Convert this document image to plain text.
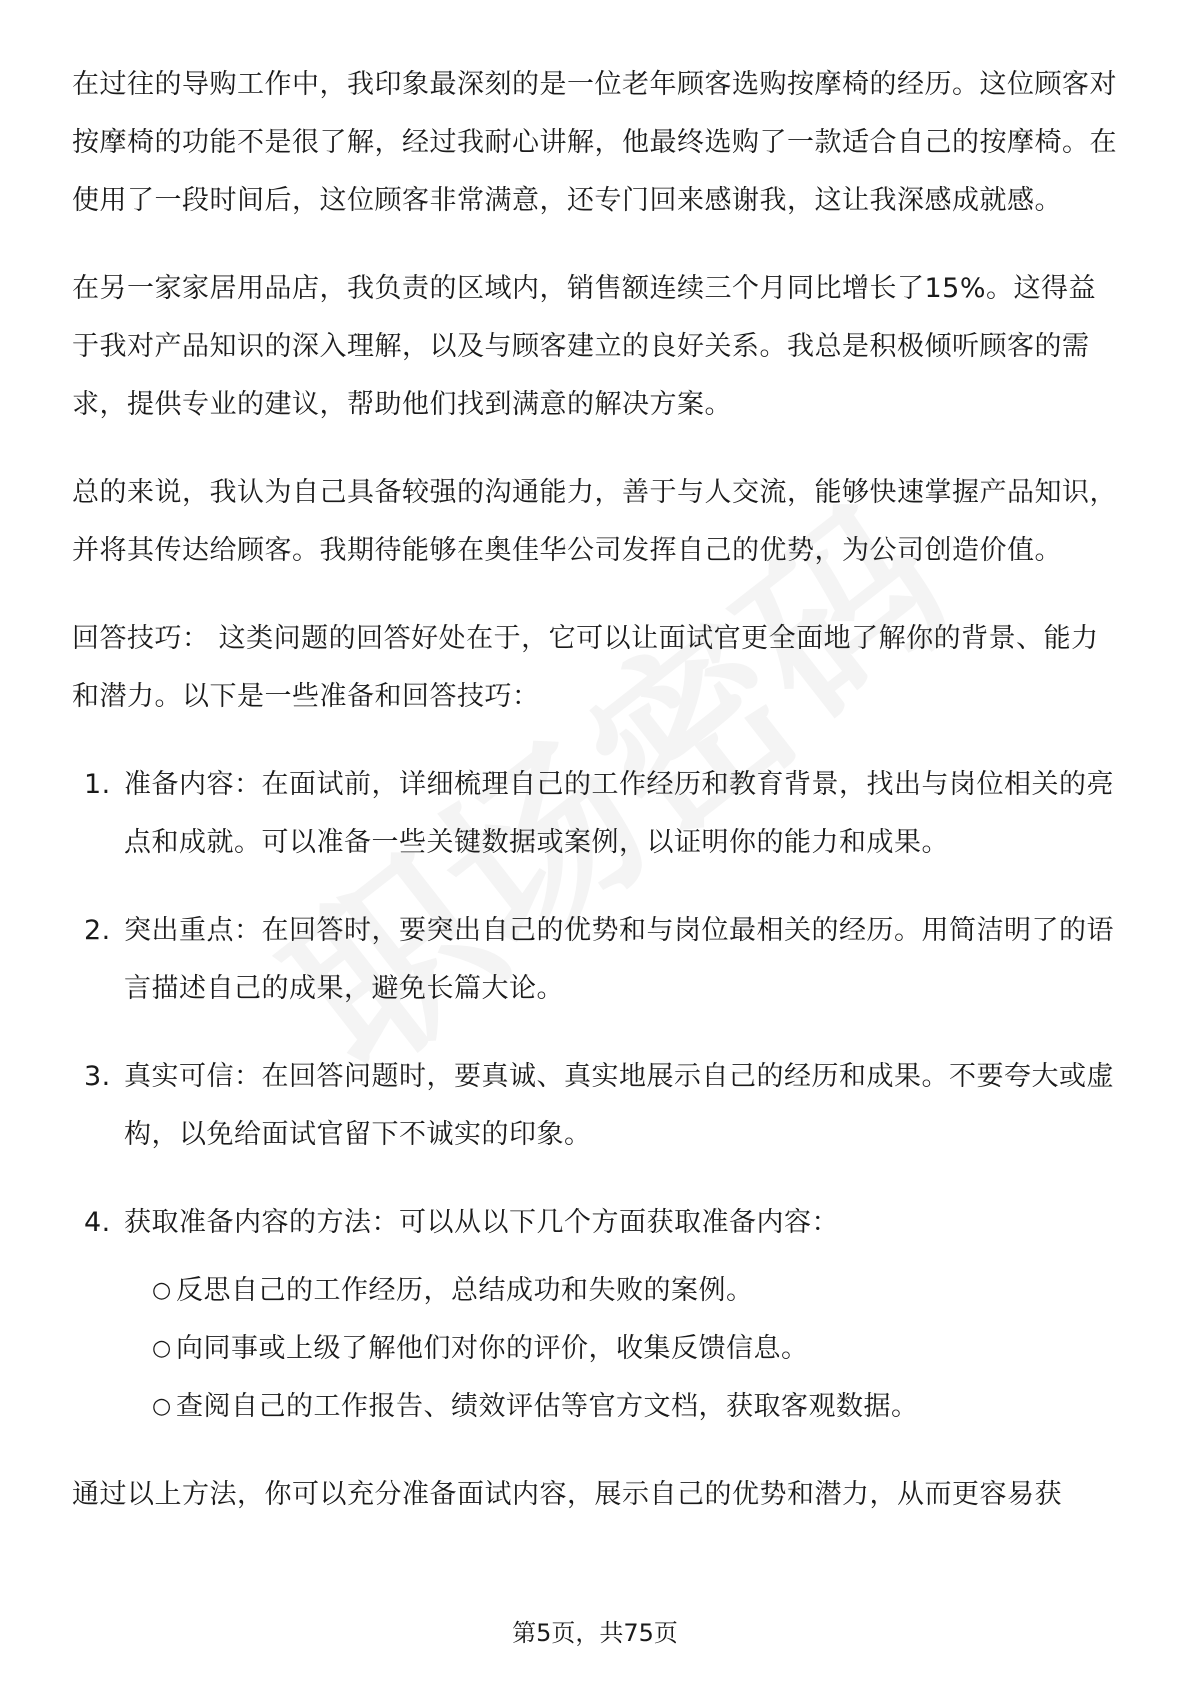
在过往的导购工作中，我印象最深刻的是一位老年顾客选购按摩椅的经历。这位顾客对按摩椅的功能不是很了解，经过我耐心讲解，他最终选购了一款适合自己的按摩椅。在使用了一段时间后，这位顾客非常满意，还专门回来感谢我，这让我深感成就感。

在另一家家居用品店，我负责的区域内，销售额连续三个月同比增长了15%。这得益于我对产品知识的深入理解，以及与顾客建立的良好关系。我总是积极倾听顾客的需求，提供专业的建议，帮助他们找到满意的解决方案。

总的来说，我认为自己具备较强的沟通能力，善于与人交流，能够快速掌握产品知识，并将其传达给顾客。我期待能够在奥佳华公司发挥自己的优势，为公司创造价值。

回答技巧： 这类问题的回答好处在于，它可以让面试官更全面地了解你的背景、能力和潜力。以下是一些准备和回答技巧：

1. 准备内容：在面试前，详细梳理自己的工作经历和教育背景，找出与岗位相关的亮点和成就。可以准备一些关键数据或案例，以证明你的能力和成果。
2. 突出重点：在回答时，要突出自己的优势和与岗位最相关的经历。用简洁明了的语言描述自己的成果，避免长篇大论。
3. 真实可信：在回答问题时，要真诚、真实地展示自己的经历和成果。不要夸大或虚构，以免给面试官留下不诚实的印象。
4. 获取准备内容的方法：可以从以下几个方面获取准备内容：
○ 反思自己的工作经历，总结成功和失败的案例。
○ 向同事或上级了解他们对你的评价，收集反馈信息。
○ 查阅自己的工作报告、绩效评估等官方文档，获取客观数据。

通过以上方法，你可以充分准备面试内容，展示自己的优势和潜力，从而更容易获

第5页，共75页
